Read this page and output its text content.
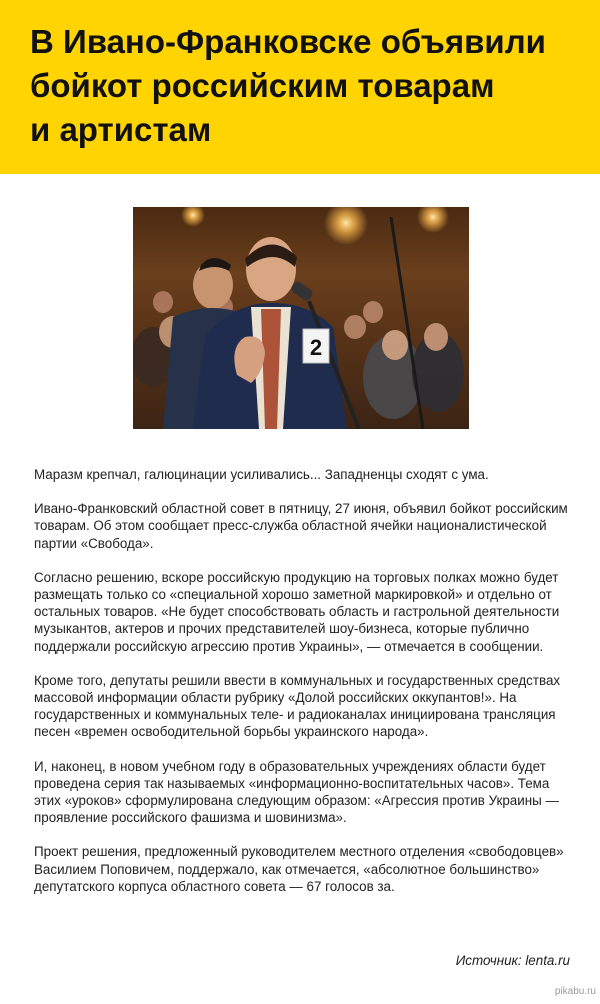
В Ивано-Франковске объявили
бойкот российским товарам
и артистам
2

Маразм крепчал, галюцинации усиливались... Западненцы сходят с ума.

Ивано-Франковский областной совет в пятницу, 27 июня, объявил бойкот российским товарам. Об этом сообщает пресс-служба областной ячейки националистической партии «Свобода».

Согласно решению, вскоре российскую продукцию на торговых полках можно будет размещать только со «специальной хорошо заметной маркировкой» и отдельно от остальных товаров. «Не будет способствовать область и гастрольной деятельности музыкантов, актеров и прочих представителей шоу-бизнеса, которые публично поддержали российскую агрессию против Украины», — отмечается в сообщении.

Кроме того, депутаты решили ввести в коммунальных и государственных средствах массовой информации области рубрику «Долой российских оккупантов!». На государственных и коммунальных теле- и радиоканалах инициирована трансляция песен «времен освободительной борьбы украинского народа».

И, наконец, в новом учебном году в образовательных учреждениях области будет проведена серия так называемых «информационно-воспитательных часов». Тема этих «уроков» сформулирована следующим образом: «Агрессия против Украины — проявление российского фашизма и шовинизма».

Проект решения, предложенный руководителем местного отделения «свободовцев» Василием Поповичем, поддержало, как отмечается, «абсолютное большинство» депутатского корпуса областного совета — 67 голосов за.

Источник: lenta.ru
pikabu.ru
